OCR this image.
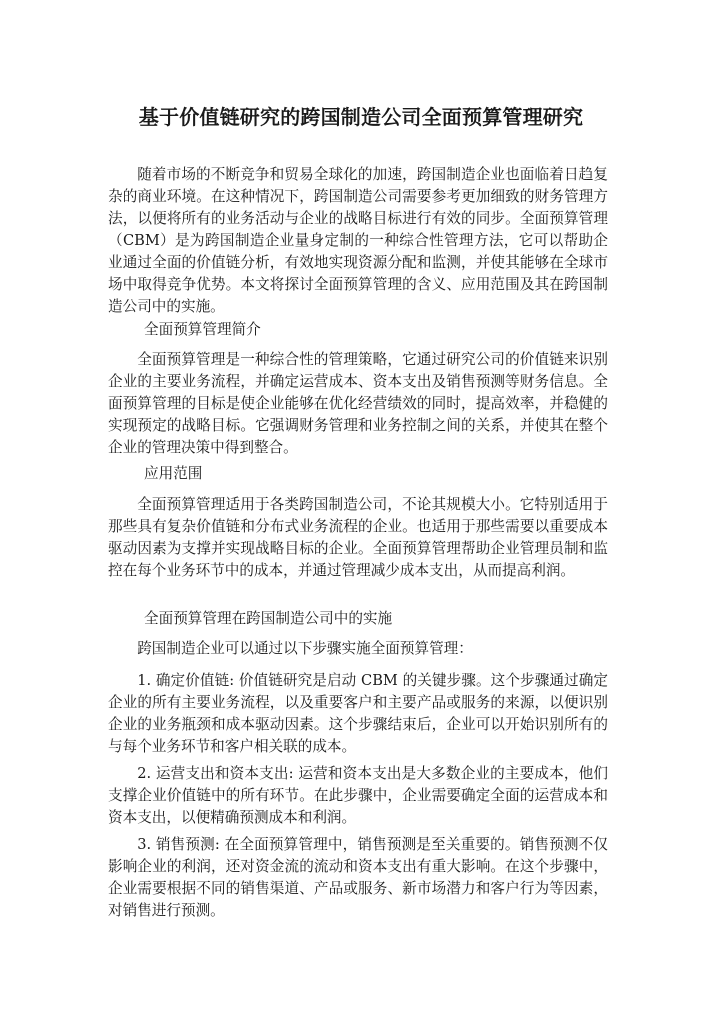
基于价值链研究的跨国制造公司全面预算管理研究

随着市场的不断竞争和贸易全球化的加速，跨国制造企业也面临着日趋复杂的商业环境。在这种情况下，跨国制造公司需要参考更加细致的财务管理方法，以便将所有的业务活动与企业的战略目标进行有效的同步。全面预算管理（CBM）是为跨国制造企业量身定制的一种综合性管理方法，它可以帮助企业通过全面的价值链分析，有效地实现资源分配和监测，并使其能够在全球市场中取得竞争优势。本文将探讨全面预算管理的含义、应用范围及其在跨国制造公司中的实施。

全面预算管理简介

全面预算管理是一种综合性的管理策略，它通过研究公司的价值链来识别企业的主要业务流程，并确定运营成本、资本支出及销售预测等财务信息。全面预算管理的目标是使企业能够在优化经营绩效的同时，提高效率，并稳健的实现预定的战略目标。它强调财务管理和业务控制之间的关系，并使其在整个企业的管理决策中得到整合。

应用范围

全面预算管理适用于各类跨国制造公司，不论其规模大小。它特别适用于那些具有复杂价值链和分布式业务流程的企业。也适用于那些需要以重要成本驱动因素为支撑并实现战略目标的企业。全面预算管理帮助企业管理员制和监控在每个业务环节中的成本，并通过管理减少成本支出，从而提高利润。

全面预算管理在跨国制造公司中的实施

跨国制造企业可以通过以下步骤实施全面预算管理：

1. 确定价值链: 价值链研究是启动 CBM 的关键步骤。这个步骤通过确定企业的所有主要业务流程，以及重要客户和主要产品或服务的来源，以便识别企业的业务瓶颈和成本驱动因素。这个步骤结束后，企业可以开始识别所有的与每个业务环节和客户相关联的成本。

2. 运营支出和资本支出: 运营和资本支出是大多数企业的主要成本，他们支撑企业价值链中的所有环节。在此步骤中，企业需要确定全面的运营成本和资本支出，以便精确预测成本和利润。

3. 销售预测: 在全面预算管理中，销售预测是至关重要的。销售预测不仅影响企业的利润，还对资金流的流动和资本支出有重大影响。在这个步骤中，企业需要根据不同的销售渠道、产品或服务、新市场潜力和客户行为等因素，对销售进行预测。
